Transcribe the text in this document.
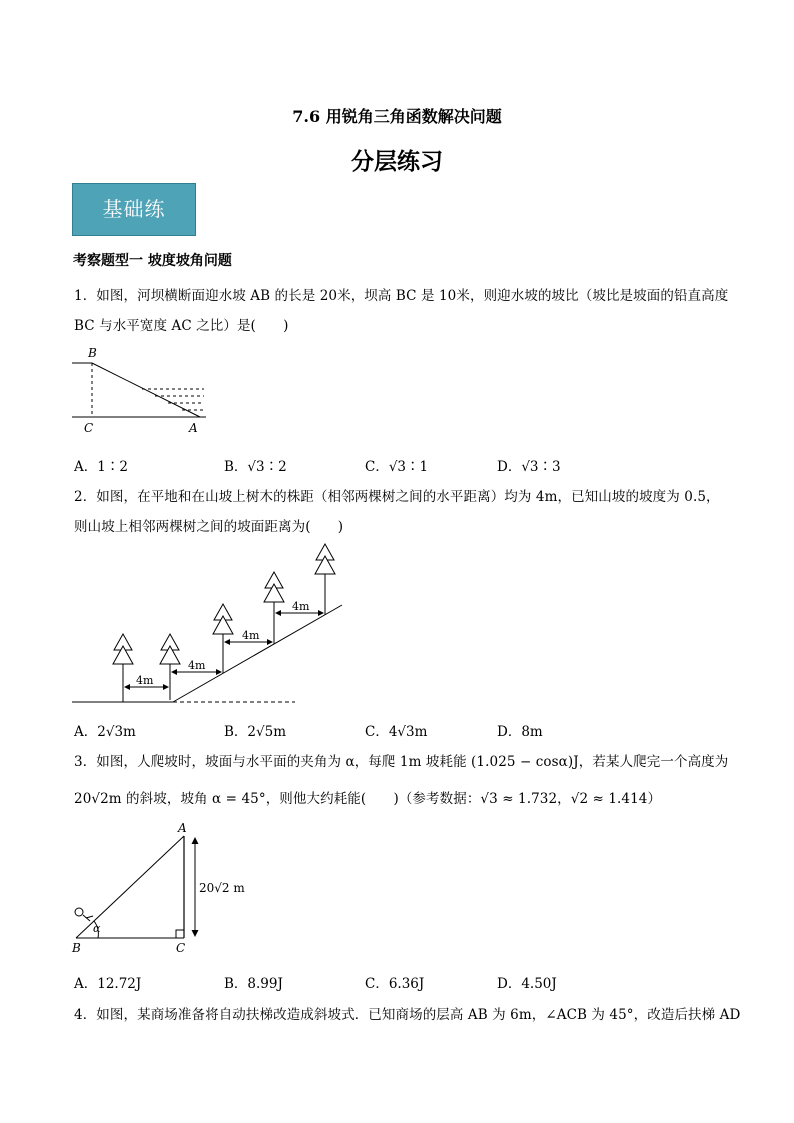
7.6 用锐角三角函数解决问题
分层练习
基础练
考察题型一 坡度坡角问题
1．如图，河坝横断面迎水坡 AB 的长是 20米，坝高 BC 是 10米，则迎水坡的坡比（坡比是坡面的铅直高度
BC 与水平宽度 AC 之比）是(　　)
B
C	A
A．1∶2	B．√3∶2	C．√3∶1	D．√3∶3
2．如图，在平地和在山坡上树木的株距（相邻两棵树之间的水平距离）均为 4m，已知山坡的坡度为 0.5，
则山坡上相邻两棵树之间的坡面距离为(　　)
4m
4m
4m
4m
A．2√3m	B．2√5m	C．4√3m	D．8m
3．如图，人爬坡时，坡面与水平面的夹角为 α，每爬 1m 坡耗能 (1.025 − cosα)J，若某人爬完一个高度为
20√2m 的斜坡，坡角 α = 45°，则他大约耗能(　　)（参考数据：√3 ≈ 1.732，√2 ≈ 1.414）
A
B	C
α
20√2 m
A．12.72J	B．8.99J	C．6.36J	D．4.50J
4．如图，某商场准备将自动扶梯改造成斜坡式．已知商场的层高 AB 为 6m，∠ACB 为 45°，改造后扶梯 AD
